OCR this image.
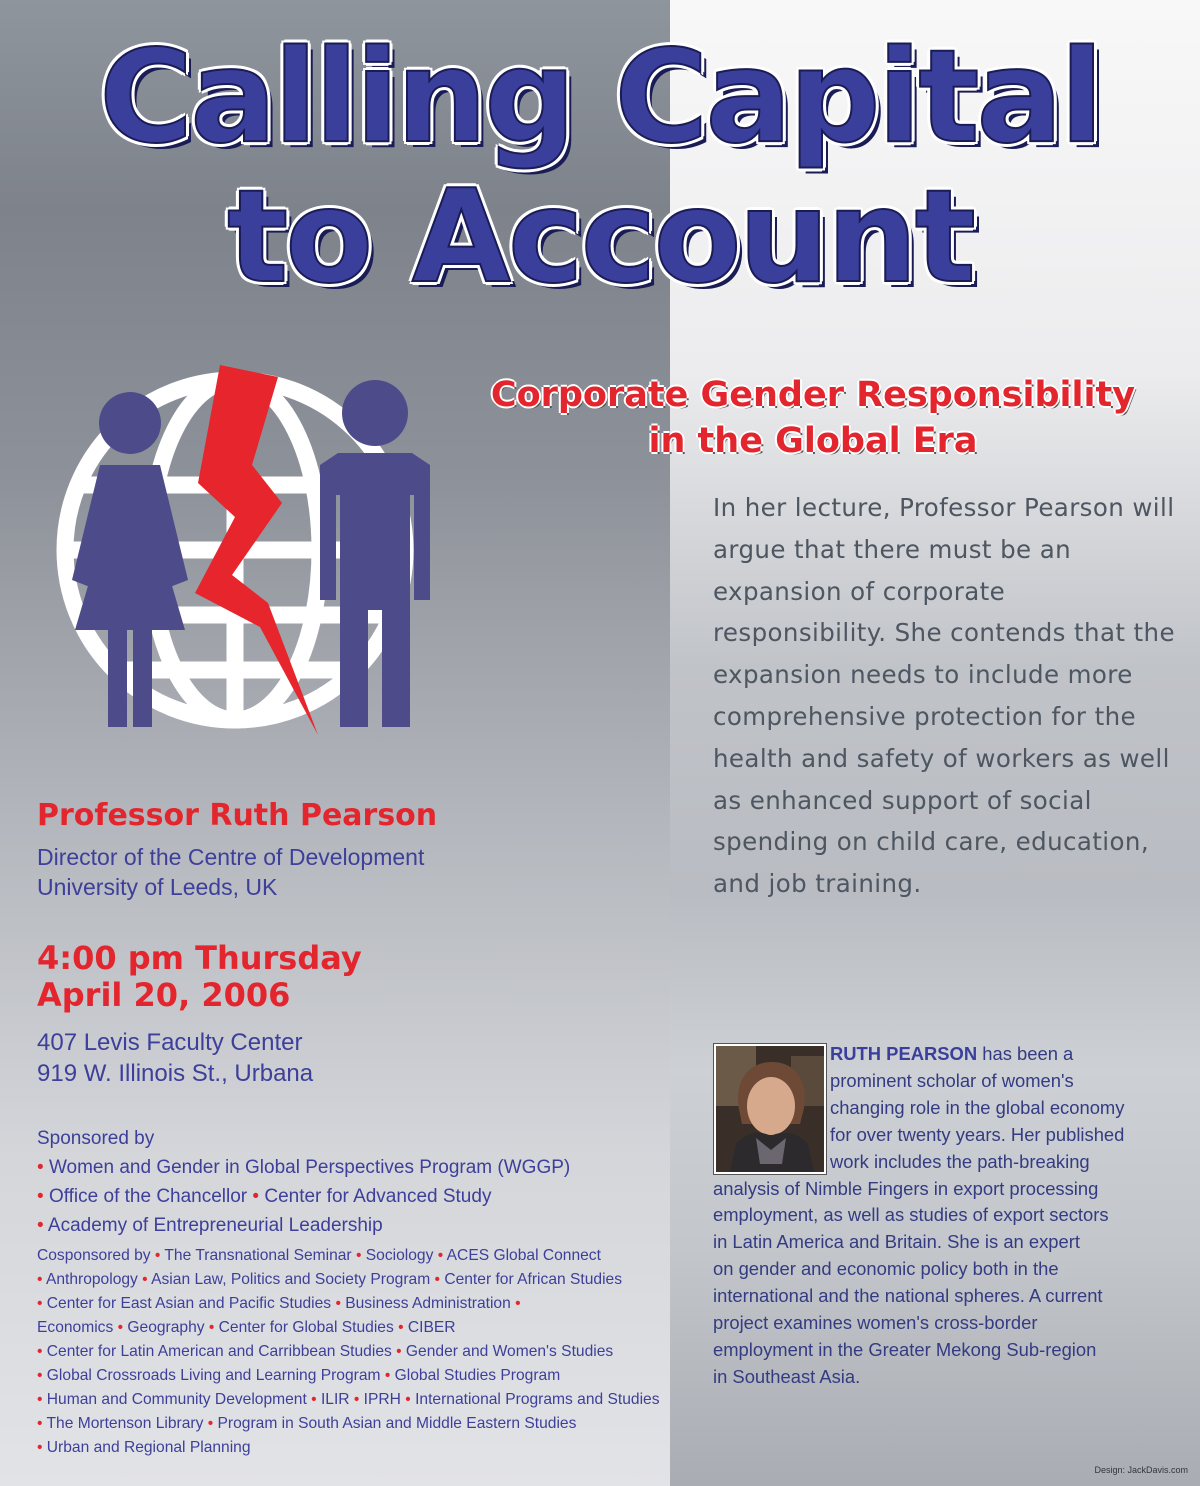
Calling Capital
to Account
Corporate Gender Responsibility
in the Global Era

In her lecture, Professor Pearson will argue that there must be an expansion of corporate responsibility. She contends that the expansion needs to include more comprehensive protection for the health and safety of workers as well as enhanced support of social spending on child care, education, and job training.

Professor Ruth Pearson
Director of the Centre of Development
University of Leeds, UK
4:00 pm Thursday
April 20, 2006
407 Levis Faculty Center
919 W. Illinois St., Urbana
Sponsored by
• Women and Gender in Global Perspectives Program (WGGP)
• Office of the Chancellor • Center for Advanced Study
• Academy of Entrepreneurial Leadership
Cosponsored by • The Transnational Seminar • Sociology • ACES Global Connect
• Anthropology • Asian Law, Politics and Society Program • Center for African Studies
• Center for East Asian and Pacific Studies • Business Administration •
Economics • Geography • Center for Global Studies • CIBER
• Center for Latin American and Carribbean Studies • Gender and Women's Studies
• Global Crossroads Living and Learning Program • Global Studies Program
• Human and Community Development • ILIR • IPRH • International Programs and Studies
• The Mortenson Library • Program in South Asian and Middle Eastern Studies
• Urban and Regional Planning
RUTH PEARSON has been a
prominent scholar of women's
changing role in the global economy
for over twenty years. Her published
work includes the path-breaking
analysis of Nimble Fingers in export processing
employment, as well as studies of export sectors
in Latin America and Britain. She is an expert
on gender and economic policy both in the
international and the national spheres. A current
project examines women's cross-border
employment in the Greater Mekong Sub-region
in Southeast Asia.
Design: JackDavis.com
